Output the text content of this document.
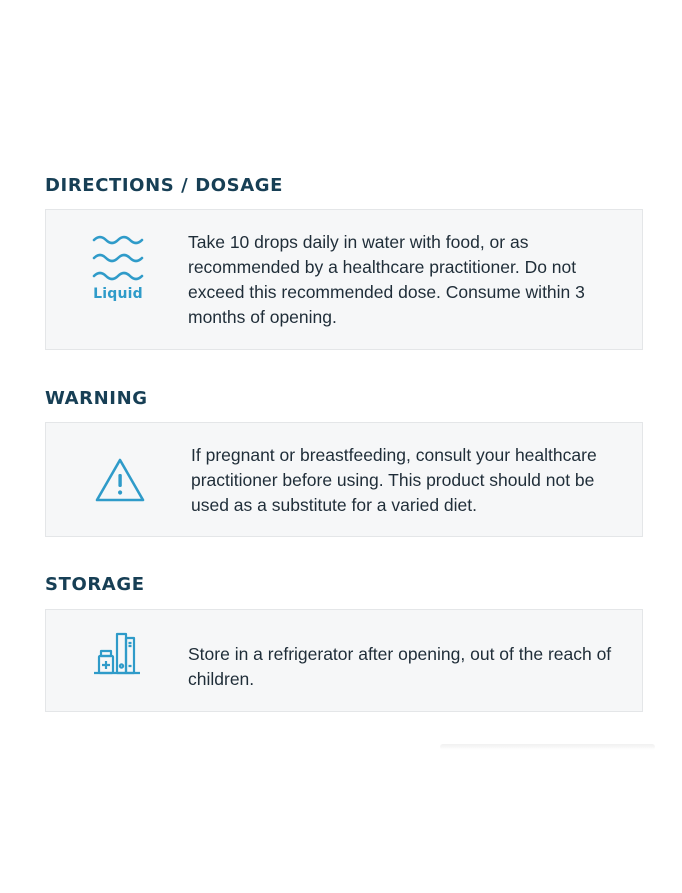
DIRECTIONS / DOSAGE
Liquid

Take 10 drops daily in water with food, or as recommended by a healthcare practitioner. Do not exceed this recommended dose. Consume within 3 months of opening.

WARNING

If pregnant or breastfeeding, consult your healthcare practitioner before using. This product should not be used as a substitute for a varied diet.

STORAGE

Store in a refrigerator after opening, out of the reach of children.
